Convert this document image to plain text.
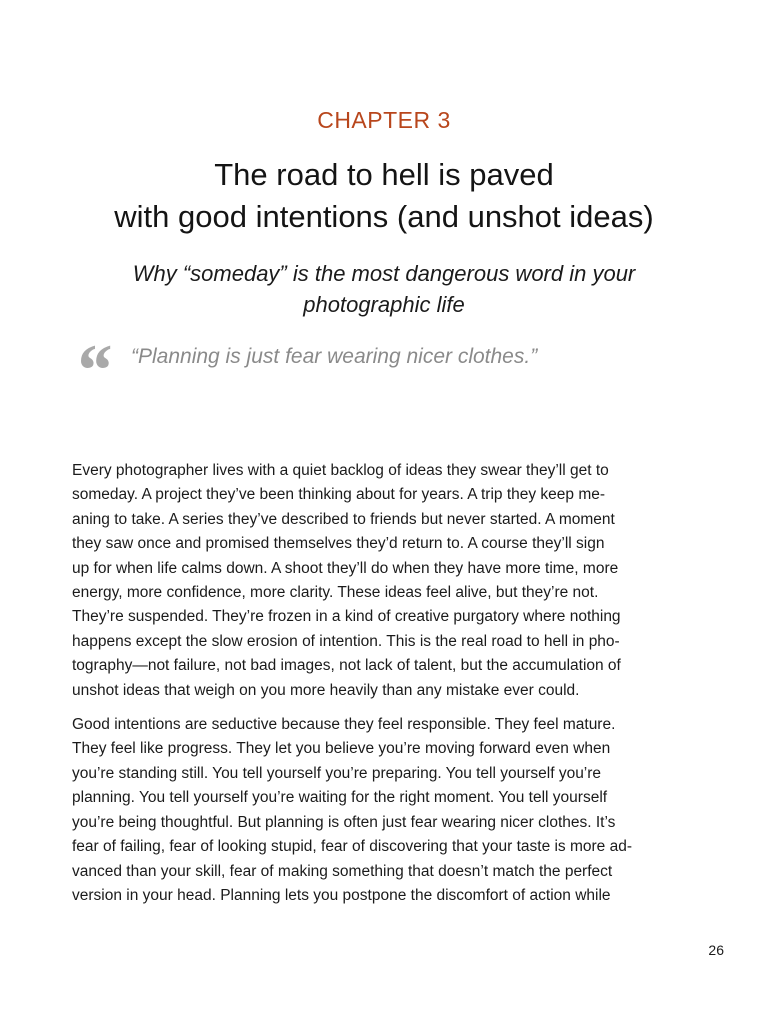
CHAPTER 3
The road to hell is paved
with good intentions (and unshot ideas)
Why “someday” is the most dangerous word in your
photographic life
“ “Planning is just fear wearing nicer clothes.”

Every photographer lives with a quiet backlog of ideas they swear they’ll get to
someday. A project they’ve been thinking about for years. A trip they keep me-
aning to take. A series they’ve described to friends but never started. A moment
they saw once and promised themselves they’d return to. A course they’ll sign
up for when life calms down. A shoot they’ll do when they have more time, more
energy, more confidence, more clarity. These ideas feel alive, but they’re not.
They’re suspended. They’re frozen in a kind of creative purgatory where nothing
happens except the slow erosion of intention. This is the real road to hell in pho-
tography—not failure, not bad images, not lack of talent, but the accumulation of
unshot ideas that weigh on you more heavily than any mistake ever could.

Good intentions are seductive because they feel responsible. They feel mature.
They feel like progress. They let you believe you’re moving forward even when
you’re standing still. You tell yourself you’re preparing. You tell yourself you’re
planning. You tell yourself you’re waiting for the right moment. You tell yourself
you’re being thoughtful. But planning is often just fear wearing nicer clothes. It’s
fear of failing, fear of looking stupid, fear of discovering that your taste is more ad-
vanced than your skill, fear of making something that doesn’t match the perfect
version in your head. Planning lets you postpone the discomfort of action while

26
